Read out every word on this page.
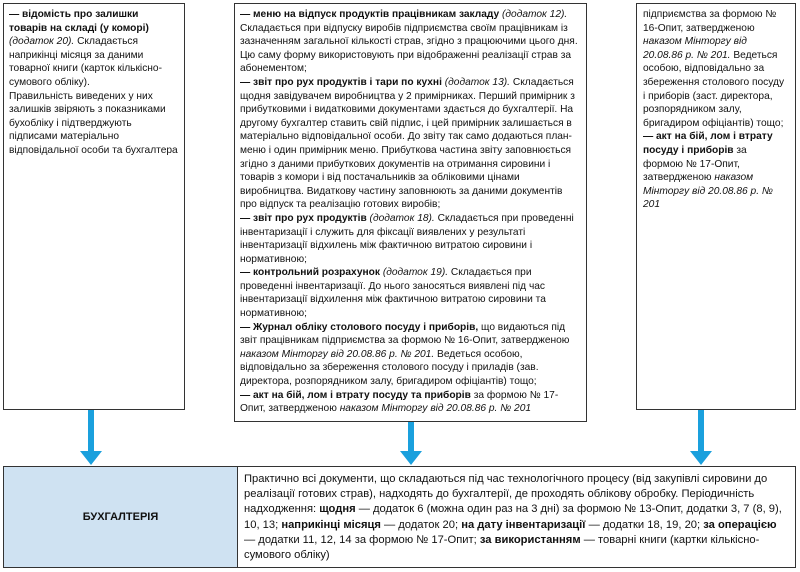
— відомість про залишки товарів на складі (у коморі) (додаток 20). Складається наприкінці місяця за даними товарної книги (карток кількісно-сумового обліку).

Правильність виведених у них залишків звіряють з показниками бухобліку і підтверджують підписами матеріально відповідальної особи та бухгалтера

— меню на відпуск продуктів працівникам закладу (додаток 12). Складається при відпуску виробів підприємства своїм працівникам із зазначенням загальної кількості страв, згідно з працюючими цього дня. Цю саму форму використовують при відображенні реалізації страв за абонементом;

— звіт про рух продуктів і тари по кухні (додаток 13). Складається щодня завідувачем виробництва у 2 примірниках. Перший примірник з прибутковими і видатковими документами здається до бухгалтерії. На другому бухгалтер ставить свій підпис, і цей примірник залишається в матеріально відповідальної особи. До звіту так само додаються план-меню і один примірник меню. Прибуткова частина звіту заповнюється згідно з даними прибуткових документів на отримання сировини і товарів з комори і від постачальників за обліковими цінами виробництва. Видаткову частину заповнюють за даними документів про відпуск та реалізацію готових виробів;

— звіт про рух продуктів (додаток 18). Складається при проведенні інвентаризації і служить для фіксації виявлених у результаті інвентаризації відхилень між фактичною витратою сировини і нормативною;

— контрольний розрахунок (додаток 19). Складається при проведенні інвентаризації. До нього заносяться виявлені під час інвентаризації відхилення між фактичною витратою сировини та нормативною;

— Журнал обліку столового посуду і приборів, що видаються під звіт працівникам підприємства за формою № 16-Опит, затвердженою наказом Мінторгу від 20.08.86 р. № 201. Ведеться особою, відповідально за збереження столового посуду і приладів (зав. директора, розпорядником залу, бригадиром офіціантів) тощо;

— акт на бій, лом і втрату посуду та приборів за формою № 17-Опит, затвердженою наказом Мінторгу від 20.08.86 р. № 201

підприємства за формою № 16-Опит, затвердженою наказом Мінторгу від 20.08.86 р. № 201. Ведеться особою, відповідально за збереження столового посуду і приборів (заст. директора, розпорядником залу, бригадиром офіціантів) тощо;

— акт на бій, лом і втрату посуду і приборів за формою № 17-Опит, затвердженою наказом Мінторгу від 20.08.86 р. № 201

БУХГАЛТЕРІЯ
Практично всі документи, що складаються під час технологічного процесу (від закупівлі сировини до реалізації готових страв), надходять до бухгалтерії, де проходять облікову обробку. Періодичність надходження: щодня — додаток 6 (можна один раз на 3 дні) за формою № 13-Опит, додатки 3, 7 (8, 9), 10, 13; наприкінці місяця — додаток 20; на дату інвентаризації — додатки 18, 19, 20; за операцією — додатки 11, 12, 14 за формою № 17-Опит; за використанням — товарні книги (картки кількісно-сумового обліку)
